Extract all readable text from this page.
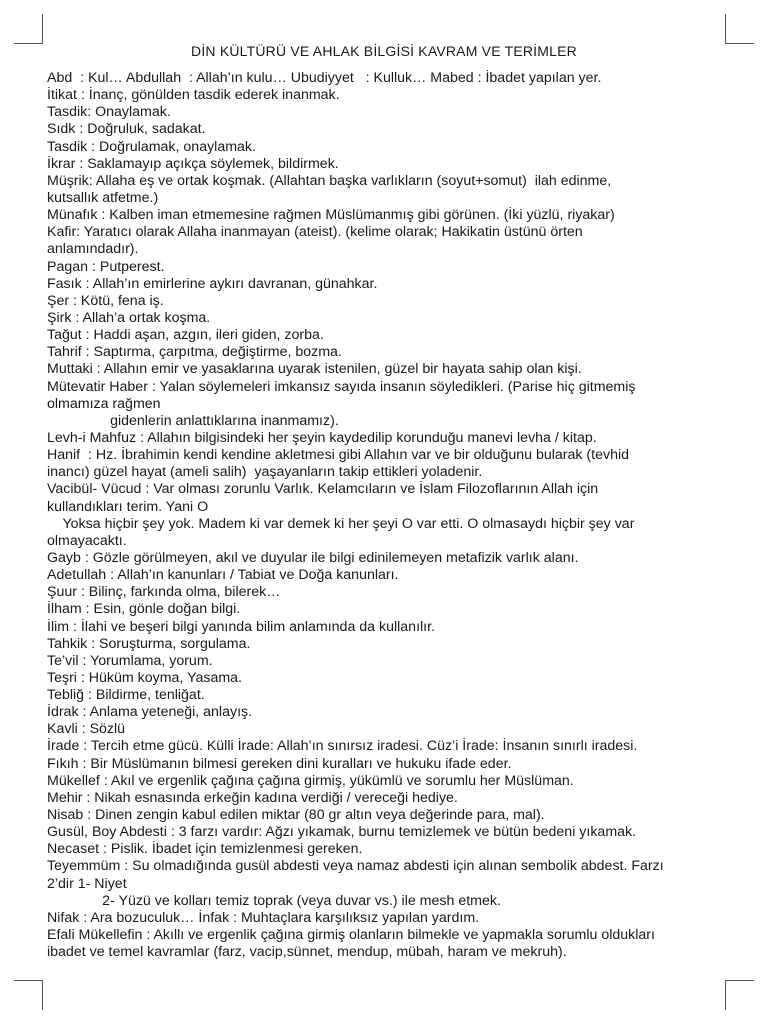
DİN KÜLTÜRÜ VE AHLAK BİLGİSİ KAVRAM VE TERİMLER
Abd  : Kul… Abdullah  : Allah’ın kulu… Ubudiyyet   : Kulluk… Mabed : İbadet yapılan yer.
İtikat : İnanç, gönülden tasdik ederek inanmak.
Tasdik: Onaylamak.
Sıdk : Doğruluk, sadakat.
Tasdik : Doğrulamak, onaylamak.
İkrar : Saklamayıp açıkça söylemek, bildirmek.
Müşrik: Allaha eş ve ortak koşmak. (Allahtan başka varlıkların (soyut+somut)  ilah edinme,
kutsallık atfetme.)
Münafık : Kalben iman etmemesine rağmen Müslümanmış gibi görünen. (İki yüzlü, riyakar)
Kafir: Yaratıcı olarak Allaha inanmayan (ateist). (kelime olarak; Hakikatin üstünü örten
anlamındadır).
Pagan : Putperest.
Fasık : Allah’ın emirlerine aykırı davranan, günahkar.
Şer : Kötü, fena iş.
Şirk : Allah’a ortak koşma.
Tağut : Haddi aşan, azgın, ileri giden, zorba.
Tahrif : Saptırma, çarpıtma, değiştirme, bozma.
Muttaki : Allahın emir ve yasaklarına uyarak istenilen, güzel bir hayata sahip olan kişi.
Mütevatir Haber : Yalan söylemeleri imkansız sayıda insanın söyledikleri. (Parise hiç gitmemiş
olmamıza rağmen
gidenlerin anlattıklarına inanmamız).
Levh-i Mahfuz : Allahın bilgisindeki her şeyin kaydedilip korunduğu manevi levha / kitap.
Hanif  : Hz. İbrahimin kendi kendine akletmesi gibi Allahın var ve bir olduğunu bularak (tevhid
inancı) güzel hayat (ameli salih)  yaşayanların takip ettikleri yoladenir.
Vacibül- Vücud : Var olması zorunlu Varlık. Kelamcıların ve İslam Filozoflarının Allah için
kullandıkları terim. Yani O
Yoksa hiçbir şey yok. Madem ki var demek ki her şeyi O var etti. O olmasaydı hiçbir şey var
olmayacaktı.
Gayb : Gözle görülmeyen, akıl ve duyular ile bilgi edinilemeyen metafizik varlık alanı.
Adetullah : Allah’ın kanunları / Tabiat ve Doğa kanunları.
Şuur : Bilinç, farkında olma, bilerek…
İlham : Esin, gönle doğan bilgi.
İlim : İlahi ve beşeri bilgi yanında bilim anlamında da kullanılır.
Tahkik : Soruşturma, sorgulama.
Te’vil : Yorumlama, yorum.
Teşri : Hüküm koyma, Yasama.
Tebliğ : Bildirme, tenliğat.
İdrak : Anlama yeteneği, anlayış.
Kavli : Sözlü
İrade : Tercih etme gücü. Külli İrade: Allah’ın sınırsız iradesi. Cüz’i İrade: İnsanın sınırlı iradesi.
Fıkıh : Bir Müslümanın bilmesi gereken dini kuralları ve hukuku ifade eder.
Mükellef : Akıl ve ergenlik çağına çağına girmiş, yükümlü ve sorumlu her Müslüman.
Mehir : Nikah esnasında erkeğin kadına verdiği / vereceği hediye.
Nisab : Dinen zengin kabul edilen miktar (80 gr altın veya değerinde para, mal).
Gusül, Boy Abdesti : 3 farzı vardır: Ağzı yıkamak, burnu temizlemek ve bütün bedeni yıkamak.
Necaset : Pislik. İbadet için temizlenmesi gereken.
Teyemmüm : Su olmadığında gusül abdesti veya namaz abdesti için alınan sembolik abdest. Farzı
2’dir 1- Niyet
2- Yüzü ve kolları temiz toprak (veya duvar vs.) ile mesh etmek.
Nifak : Ara bozuculuk… İnfak : Muhtaçlara karşılıksız yapılan yardım.
Efali Mükellefin : Akıllı ve ergenlik çağına girmiş olanların bilmekle ve yapmakla sorumlu oldukları
ibadet ve temel kavramlar (farz, vacip,sünnet, mendup, mübah, haram ve mekruh).
